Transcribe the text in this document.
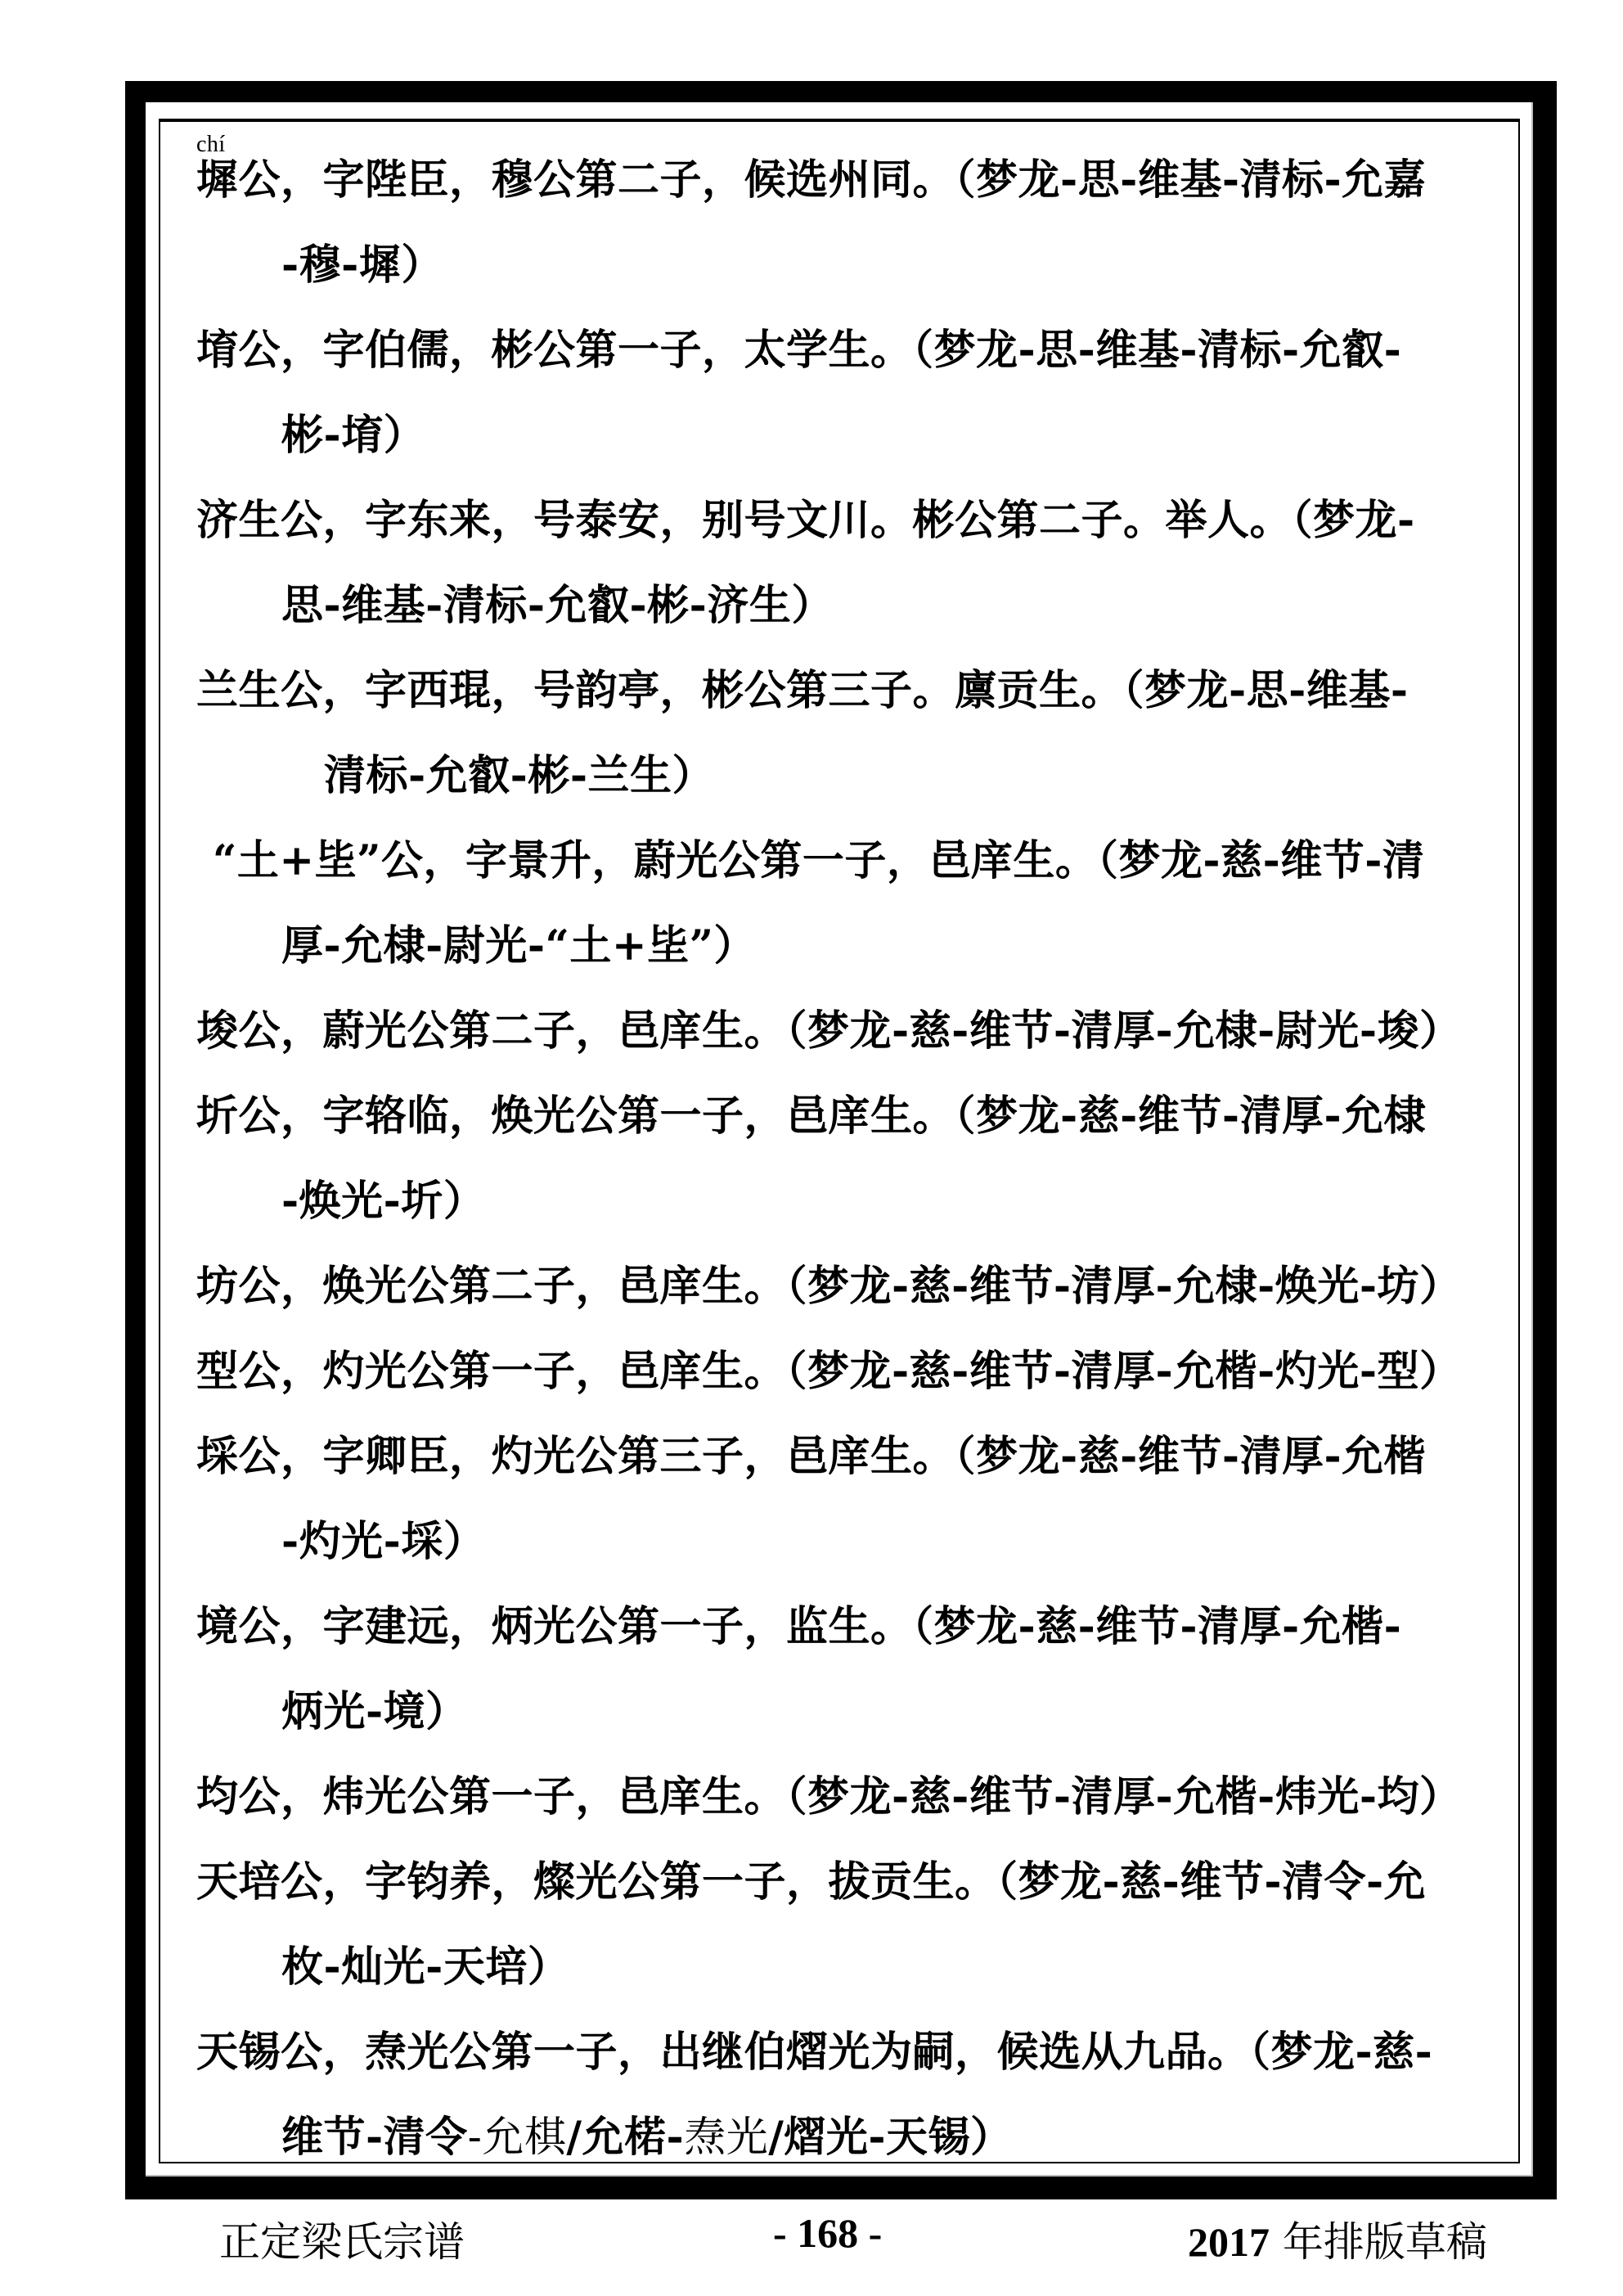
墀公，字陛臣，穆公第二子，候选州同。（梦龙-思-维基-清标-允嘉
chí
-穆-墀）
堉公，字伯儒，彬公第一子，太学生。（梦龙-思-维基-清标-允叡-
彬-堉）
济生公，字东来，号泰安，别号文川。彬公第二子。举人。（梦龙-
思-维基-清标-允叡-彬-济生）
兰生公，字西琨，号韵亭，彬公第三子。廪贡生。（梦龙-思-维基-
清标-允叡-彬-兰生）
“土+坒”公，字景升，蔚光公第一子，邑庠生。（梦龙-慈-维节-清
厚-允棣-尉光-“土+坒”）
埈公，蔚光公第二子，邑庠生。（梦龙-慈-维节-清厚-允棣-尉光-埈）
圻公，字辂临，焕光公第一子，邑庠生。（梦龙-慈-维节-清厚-允棣
-焕光-圻）
坊公，焕光公第二子，邑庠生。（梦龙-慈-维节-清厚-允棣-焕光-坊）
型公，灼光公第一子，邑庠生。（梦龙-慈-维节-清厚-允楷-灼光-型）
埰公，字卿臣，灼光公第三子，邑庠生。（梦龙-慈-维节-清厚-允楷
-灼光-埰）
境公，字建远，炳光公第一子，监生。（梦龙-慈-维节-清厚-允楷-
炳光-境）
均公，炜光公第一子，邑庠生。（梦龙-慈-维节-清厚-允楷-炜光-均）
天培公，字钧养，燦光公第一子，拔贡生。（梦龙-慈-维节-清令-允
枚-灿光-天培）
天锡公，焘光公第一子，出继伯熠光为嗣，候选从九品。（梦龙-慈-
维节-清令-允棋/允楉-焘光/熠光-天锡）
正定梁氏宗谱	- 168 -	2017 年排版草稿
